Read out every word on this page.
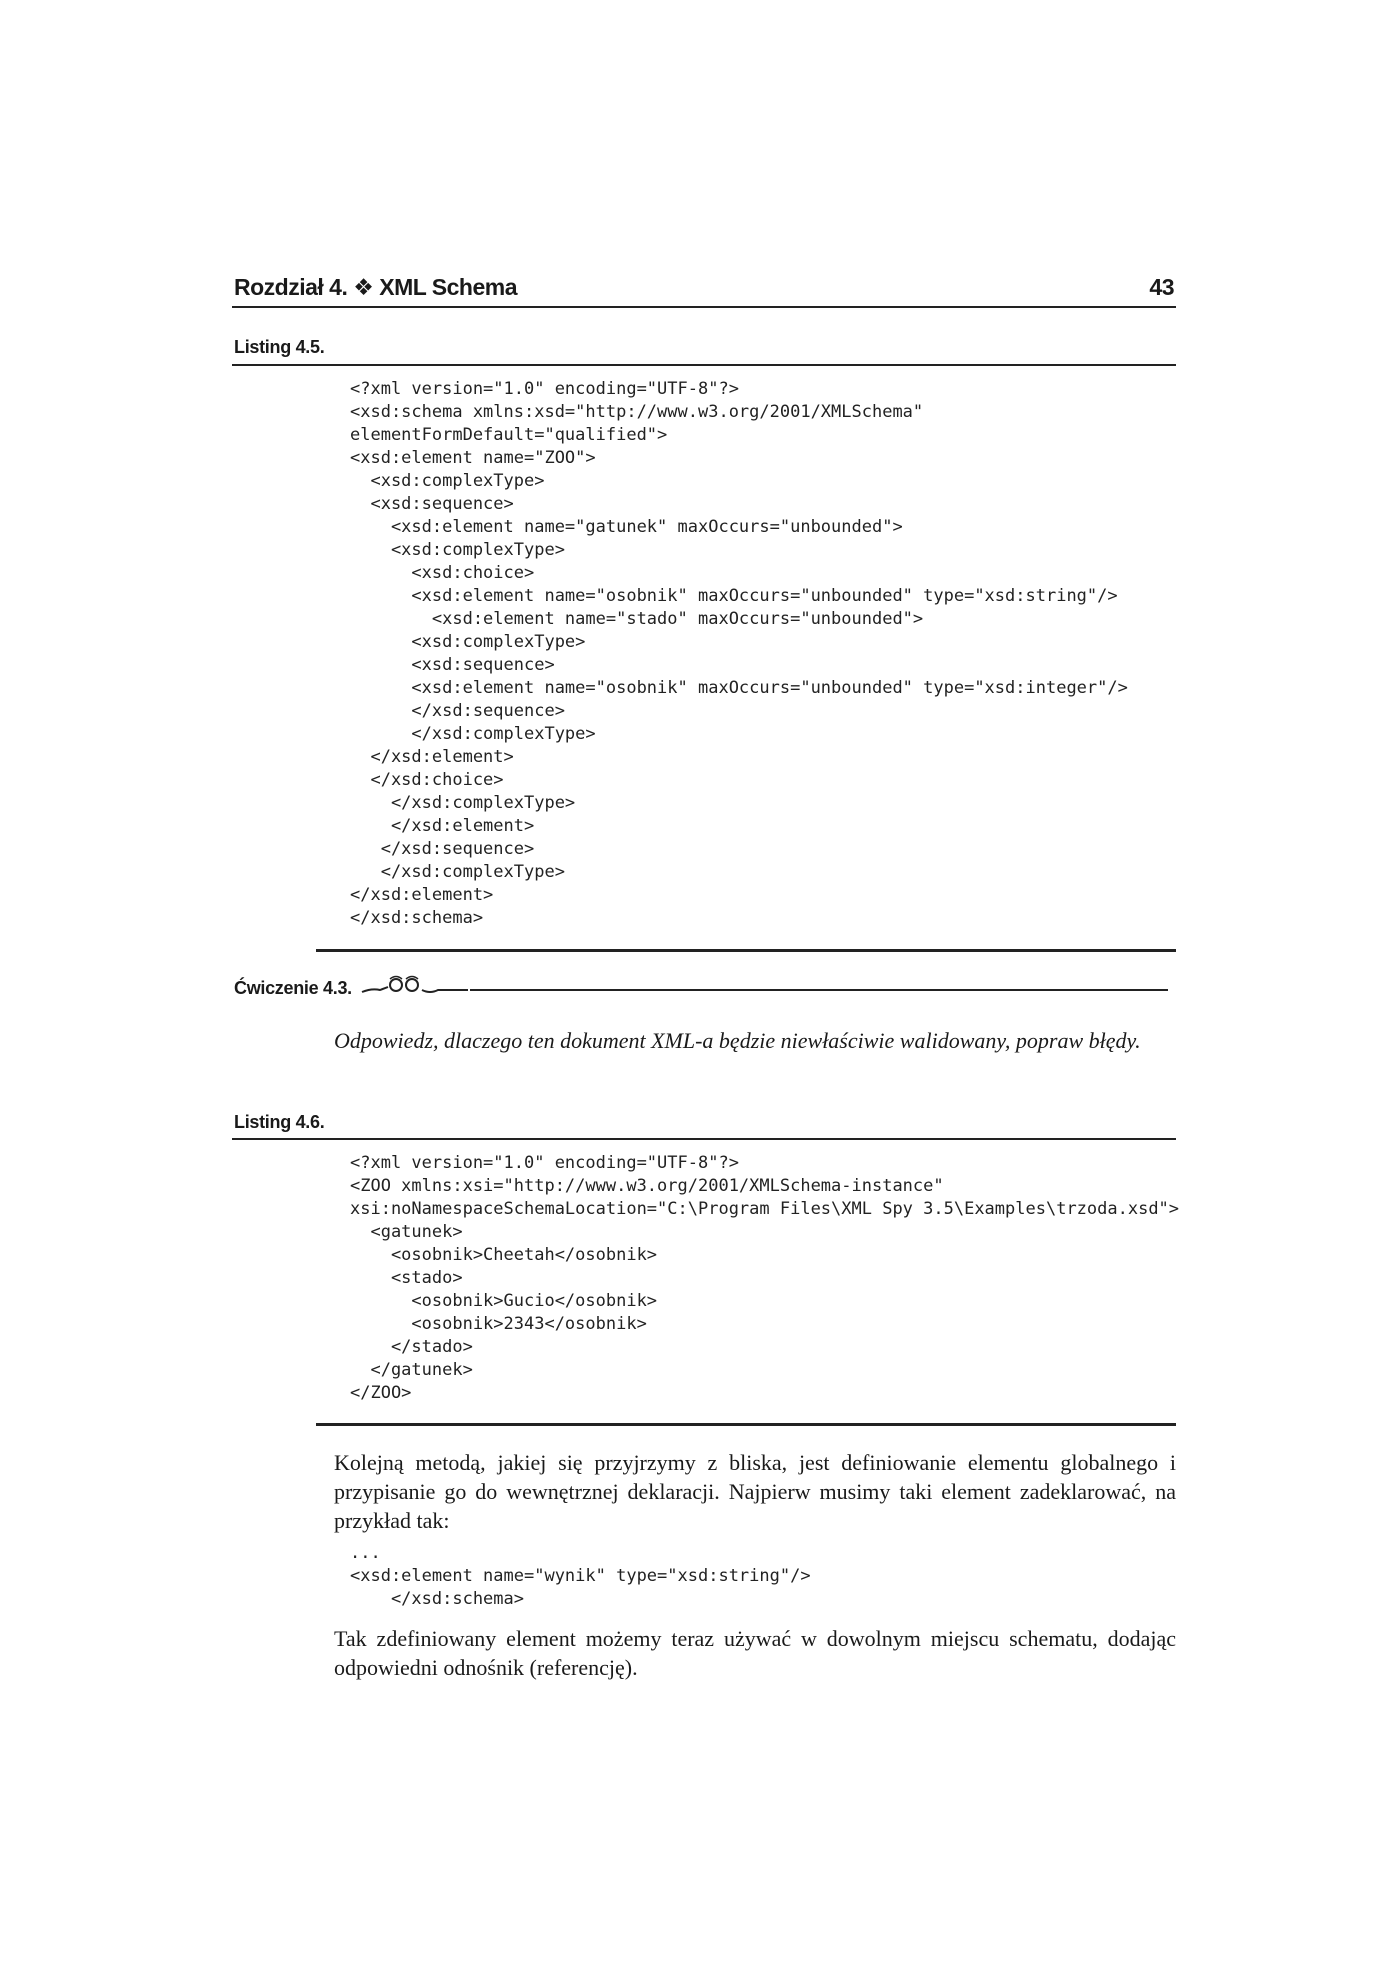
Rozdział 4. ❖ XML Schema	43
Listing 4.5.
<?xml version="1.0" encoding="UTF-8"?>
<xsd:schema xmlns:xsd="http://www.w3.org/2001/XMLSchema"
elementFormDefault="qualified">
<xsd:element name="ZOO">
<xsd:complexType>
<xsd:sequence>
<xsd:element name="gatunek" maxOccurs="unbounded">
<xsd:complexType>
<xsd:choice>
<xsd:element name="osobnik" maxOccurs="unbounded" type="xsd:string"/>
<xsd:element name="stado" maxOccurs="unbounded">
<xsd:complexType>
<xsd:sequence>
<xsd:element name="osobnik" maxOccurs="unbounded" type="xsd:integer"/>
</xsd:sequence>
</xsd:complexType>
</xsd:element>
</xsd:choice>
</xsd:complexType>
</xsd:element>
</xsd:sequence>
</xsd:complexType>
</xsd:element>
</xsd:schema>
Ćwiczenie 4.3.
Odpowiedz, dlaczego ten dokument XML-a będzie niewłaściwie walidowany, popraw błędy.
Listing 4.6.
<?xml version="1.0" encoding="UTF-8"?>
<ZOO xmlns:xsi="http://www.w3.org/2001/XMLSchema-instance"
xsi:noNamespaceSchemaLocation="C:\Program Files\XML Spy 3.5\Examples\trzoda.xsd">
<gatunek>
<osobnik>Cheetah</osobnik>
<stado>
<osobnik>Gucio</osobnik>
<osobnik>2343</osobnik>
</stado>
</gatunek>
</ZOO>
Kolejną metodą, jakiej się przyjrzymy z bliska, jest definiowanie elementu globalnego i przypisanie go do wewnętrznej deklaracji. Najpierw musimy taki element zadeklarować, na przykład tak:
...
<xsd:element name="wynik" type="xsd:string"/>
</xsd:schema>
Tak zdefiniowany element możemy teraz używać w dowolnym miejscu schematu, dodając odpowiedni odnośnik (referencję).
